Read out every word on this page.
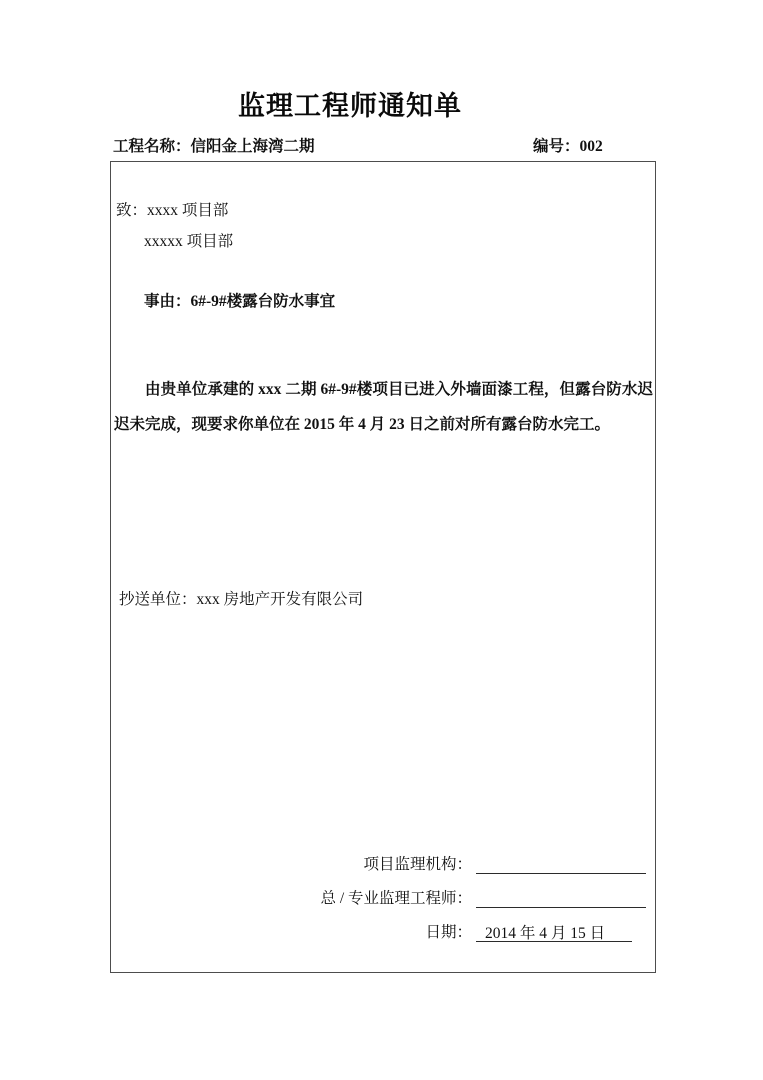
监理工程师通知单
工程名称：信阳金上海湾二期	编号：002
致：xxxx 项目部
xxxxx 项目部
事由：6#-9#楼露台防水事宜
由贵单位承建的 xxx 二期 6#-9#楼项目已进入外墙面漆工程，但露台防水迟迟未完成，现要求你单位在 2015 年 4 月 23 日之前对所有露台防水完工。
抄送单位：xxx 房地产开发有限公司
项目监理机构：
总 / 专业监理工程师：
日期： 2014 年 4 月 15 日
